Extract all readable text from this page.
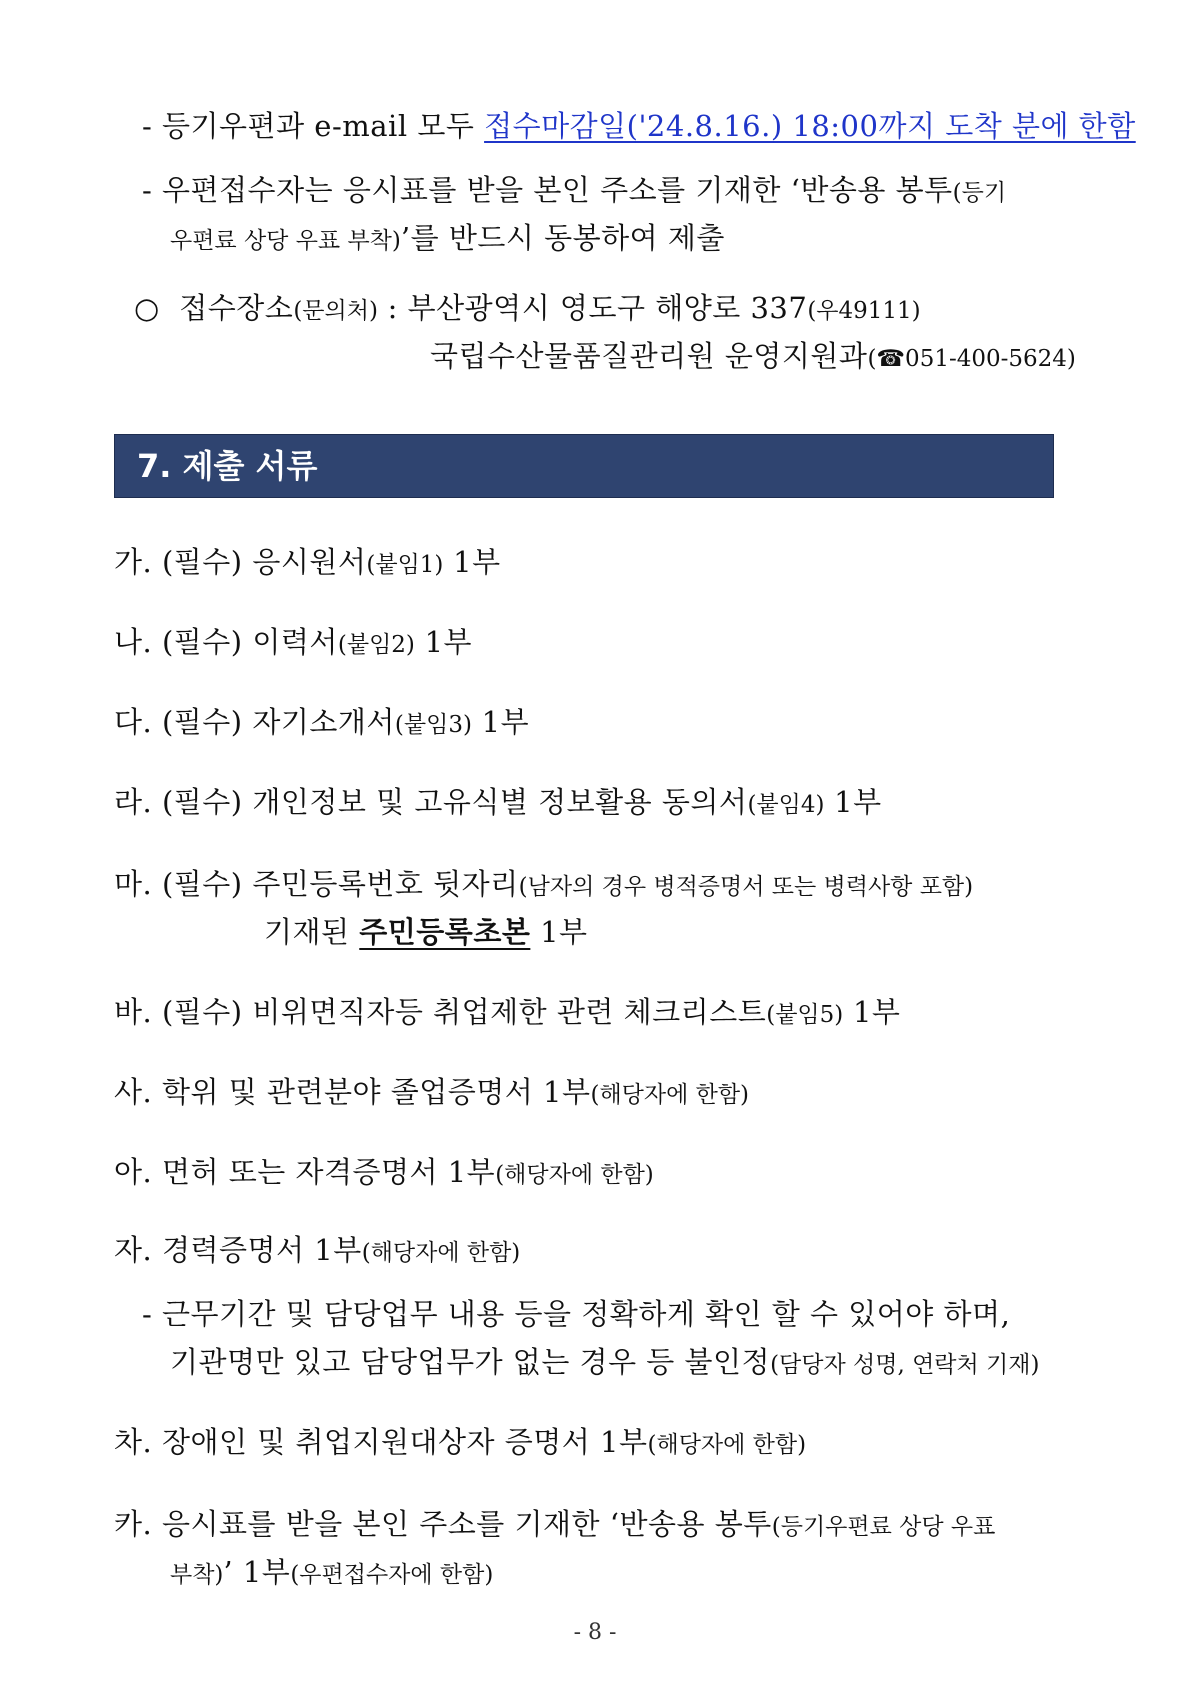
- 등기우편과 e-mail 모두 접수마감일('24.8.16.) 18:00까지 도착 분에 한함
- 우편접수자는 응시표를 받을 본인 주소를 기재한 ‘반송용 봉투(등기
우편료 상당 우표 부착)’를 반드시 동봉하여 제출
○ 접수장소(문의처) : 부산광역시 영도구 해양로 337(우49111)
국립수산물품질관리원 운영지원과(☎051-400-5624)
7. 제출 서류
가. (필수) 응시원서(붙임1) 1부
나. (필수) 이력서(붙임2) 1부
다. (필수) 자기소개서(붙임3) 1부
라. (필수) 개인정보 및 고유식별 정보활용 동의서(붙임4) 1부
마. (필수) 주민등록번호 뒷자리(남자의 경우 병적증명서 또는 병력사항 포함)
기재된 주민등록초본 1부
바. (필수) 비위면직자등 취업제한 관련 체크리스트(붙임5) 1부
사. 학위 및 관련분야 졸업증명서 1부(해당자에 한함)
아. 면허 또는 자격증명서 1부(해당자에 한함)
자. 경력증명서 1부(해당자에 한함)
- 근무기간 및 담당업무 내용 등을 정확하게 확인 할 수 있어야 하며,
기관명만 있고 담당업무가 없는 경우 등 불인정(담당자 성명, 연락처 기재)
차. 장애인 및 취업지원대상자 증명서 1부(해당자에 한함)
카. 응시표를 받을 본인 주소를 기재한 ‘반송용 봉투(등기우편료 상당 우표
부착)’ 1부(우편접수자에 한함)
- 8 -
